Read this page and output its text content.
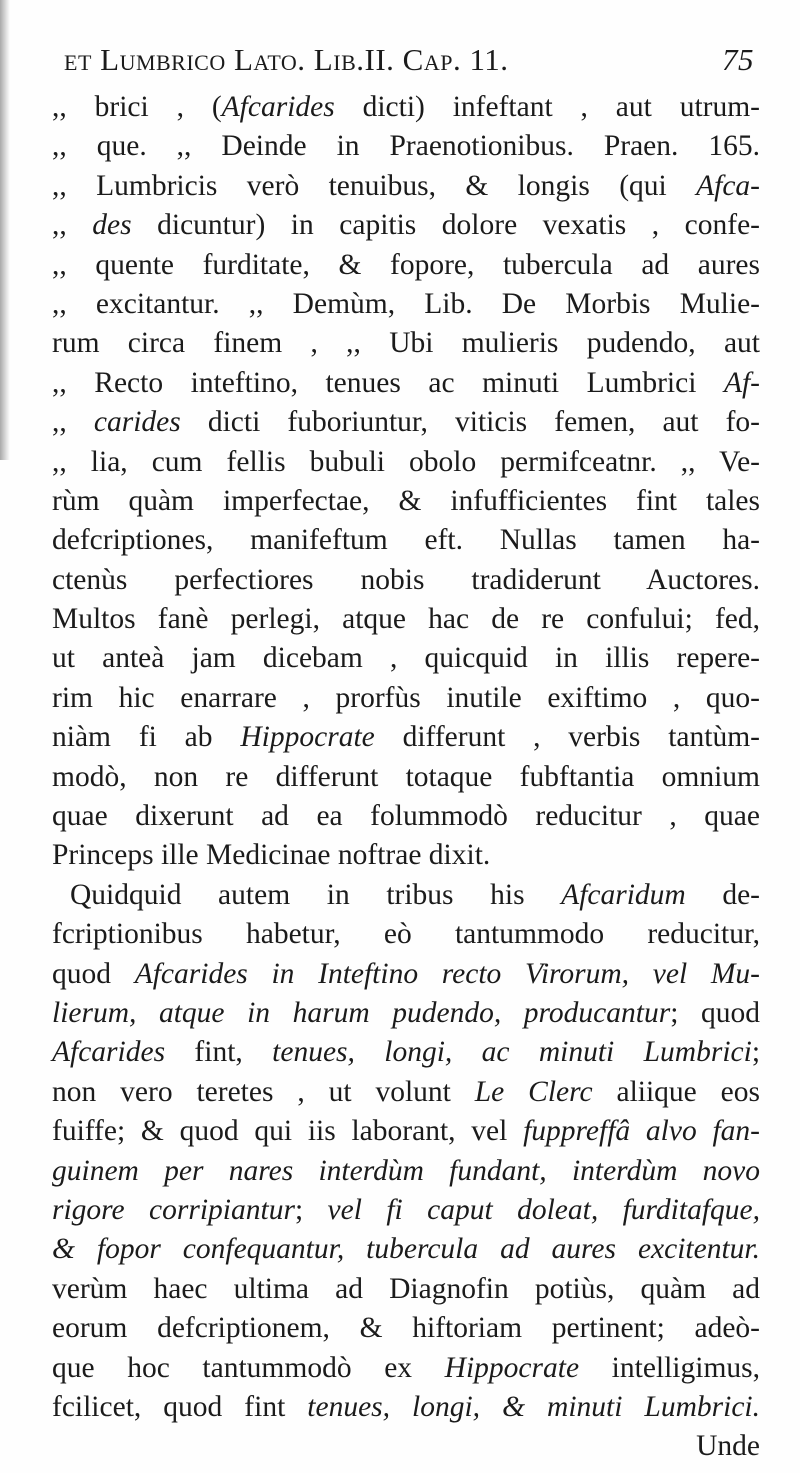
et Lumbrico Lato. Lib.II. Cap. 11.	75
,, brici , (Afcarides dicti) infeftant , aut utrum-
,, que. ,, Deinde in Praenotionibus. Praen. 165.
,, Lumbricis verò tenuibus, & longis (qui Afca-
,, des dicuntur) in capitis dolore vexatis , confe-
,, quente furditate, & fopore, tubercula ad aures
,, excitantur. ,, Demùm, Lib. De Morbis Mulie-
rum circa finem , ,, Ubi mulieris pudendo, aut
,, Recto inteftino, tenues ac minuti Lumbrici Af-
,, carides dicti fuboriuntur, viticis femen, aut fo-
,, lia, cum fellis bubuli obolo permifceatnr. ,, Ve-
rùm quàm imperfectae, & infufficientes fint tales
defcriptiones, manifeftum eft. Nullas tamen ha-
ctenùs perfectiores nobis tradiderunt Auctores.
Multos fanè perlegi, atque hac de re confului; fed,
ut anteà jam dicebam , quicquid in illis repere-
rim hic enarrare , prorfùs inutile exiftimo , quo-
niàm fi ab Hippocrate differunt , verbis tantùm-
modò, non re differunt totaque fubftantia omnium
quae dixerunt ad ea folummodò reducitur , quae
Princeps ille Medicinae noftrae dixit.
Quidquid autem in tribus his Afcaridum de-
fcriptionibus habetur, eò tantummodo reducitur,
quod Afcarides in Inteftino recto Virorum, vel Mu-
lierum, atque in harum pudendo, producantur; quod
Afcarides fint, tenues, longi, ac minuti Lumbrici;
non vero teretes , ut volunt Le Clerc aliique eos
fuiffe; & quod qui iis laborant, vel fuppreffâ alvo fan-
guinem per nares interdùm fundant, interdùm novo
rigore corripiantur; vel fi caput doleat, furditafque,
& fopor confequantur, tubercula ad aures excitentur.
verùm haec ultima ad Diagnofin potiùs, quàm ad
eorum defcriptionem, & hiftoriam pertinent; adeò-
que hoc tantummodò ex Hippocrate intelligimus,
fcilicet, quod fint tenues, longi, & minuti Lumbrici.
Unde
